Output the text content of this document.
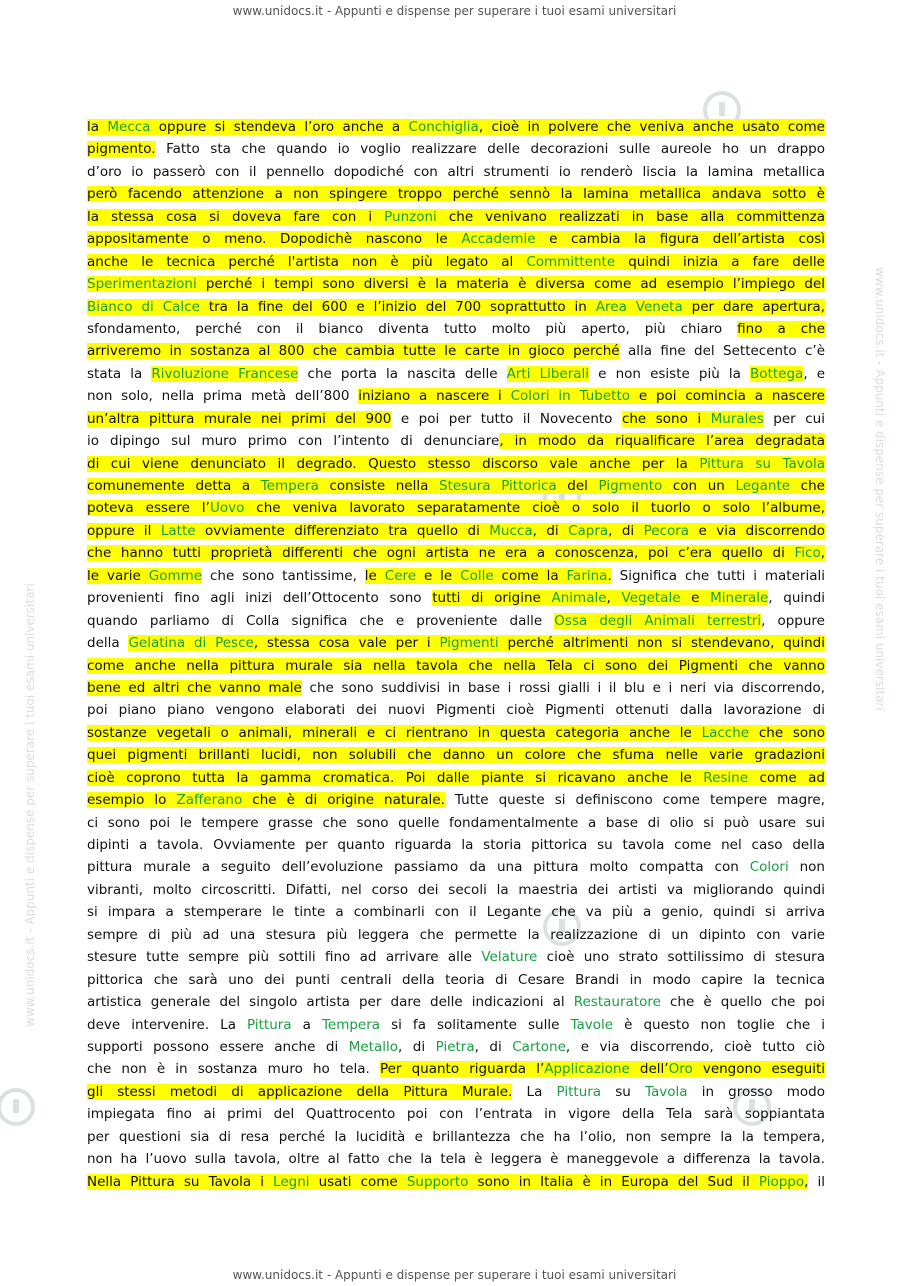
www.unidocs.it - Appunti e dispense per superare i tuoi esami universitari
www.unidocs.it - Appunti e dispense per superare i tuoi esami universitari
www.unidocs.it - Appunti e dispense per superare i tuoi esami universitari
la Mecca oppure si stendeva l’oro anche a Conchiglia, cioè in polvere che veniva anche usato come
pigmento. Fatto sta che quando io voglio realizzare delle decorazioni sulle aureole ho un drappo
d’oro io passerò con il pennello dopodiché con altri strumenti io renderò liscia la lamina metallica
però facendo attenzione a non spingere troppo perché sennò la lamina metallica andava sotto è
la stessa cosa si doveva fare con i Punzoni che venivano realizzati in base alla committenza
appositamente o meno. Dopodichè nascono le Accademie e cambia la figura dell’artista così
anche le tecnica perché l'artista non è più legato al Committente quindi inizia a fare delle
Sperimentazioni perché i tempi sono diversi è la materia è diversa come ad esempio l’impiego del
Bianco di Calce tra la fine del 600 e l’inizio del 700 soprattutto in Area Veneta per dare apertura,
sfondamento, perché con il bianco diventa tutto molto più aperto, più chiaro fino a che
arriveremo in sostanza al 800 che cambia tutte le carte in gioco perché alla fine del Settecento c’è
stata la Rivoluzione Francese che porta la nascita delle Arti Liberali e non esiste più la Bottega, e
non solo, nella prima metà dell’800 iniziano a nascere i Colori in Tubetto e poi comincia a nascere
un’altra pittura murale nei primi del 900 e poi per tutto il Novecento che sono i Murales per cui
io dipingo sul muro primo con l’intento di denunciare, in modo da riqualificare l’area degradata
di cui viene denunciato il degrado. Questo stesso discorso vale anche per la Pittura su Tavola
comunemente detta a Tempera consiste nella Stesura Pittorica del Pigmento con un Legante che
poteva essere l’Uovo che veniva lavorato separatamente cioè o solo il tuorlo o solo l’albume,
oppure il Latte ovviamente differenziato tra quello di Mucca, di Capra, di Pecora e via discorrendo
che hanno tutti proprietà differenti che ogni artista ne era a conoscenza, poi c’era quello di Fico,
le varie Gomme che sono tantissime, le Cere e le Colle come la Farina. Significa che tutti i materiali
provenienti fino agli inizi dell’Ottocento sono tutti di origine Animale, Vegetale e Minerale, quindi
quando parliamo di Colla significa che e proveniente dalle Ossa degli Animali terrestri, oppure
della Gelatina di Pesce, stessa cosa vale per i Pigmenti perché altrimenti non si stendevano, quindi
come anche nella pittura murale sia nella tavola che nella Tela ci sono dei Pigmenti che vanno
bene ed altri che vanno male che sono suddivisi in base i rossi gialli i il blu e i neri via discorrendo,
poi piano piano vengono elaborati dei nuovi Pigmenti cioè Pigmenti ottenuti dalla lavorazione di
sostanze vegetali o animali, minerali e ci rientrano in questa categoria anche le Lacche che sono
quei pigmenti brillanti lucidi, non solubili che danno un colore che sfuma nelle varie gradazioni
cioè coprono tutta la gamma cromatica. Poi dalle piante si ricavano anche le Resine come ad
esempio lo Zafferano che è di origine naturale. Tutte queste si definiscono come tempere magre,
ci sono poi le tempere grasse che sono quelle fondamentalmente a base di olio si può usare sui
dipinti a tavola. Ovviamente per quanto riguarda la storia pittorica su tavola come nel caso della
pittura murale a seguito dell’evoluzione passiamo da una pittura molto compatta con Colori non
vibranti, molto circoscritti. Difatti, nel corso dei secoli la maestria dei artisti va migliorando quindi
si impara a stemperare le tinte a combinarli con il Legante che va più a genio, quindi si arriva
sempre di più ad una stesura più leggera che permette la realizzazione di un dipinto con varie
stesure tutte sempre più sottili fino ad arrivare alle Velature cioè uno strato sottilissimo di stesura
pittorica che sarà uno dei punti centrali della teoria di Cesare Brandi in modo capire la tecnica
artistica generale del singolo artista per dare delle indicazioni al Restauratore che è quello che poi
deve intervenire. La Pittura a Tempera si fa solitamente sulle Tavole è questo non toglie che i
supporti possono essere anche di Metallo, di Pietra, di Cartone, e via discorrendo, cioè tutto ciò
che non è in sostanza muro ho tela. Per quanto riguarda l’Applicazione dell’Oro vengono eseguiti
gli stessi metodi di applicazione della Pittura Murale. La Pittura su Tavola in grosso modo
impiegata fino ai primi del Quattrocento poi con l’entrata in vigore della Tela sarà soppiantata
per questioni sia di resa perché la lucidità e brillantezza che ha l’olio, non sempre la la tempera,
non ha l’uovo sulla tavola, oltre al fatto che la tela è leggera è maneggevole a differenza la tavola.
Nella Pittura su Tavola i Legni usati come Supporto sono in Italia è in Europa del Sud il Pioppo, il
www.unidocs.it - Appunti e dispense per superare i tuoi esami universitari
